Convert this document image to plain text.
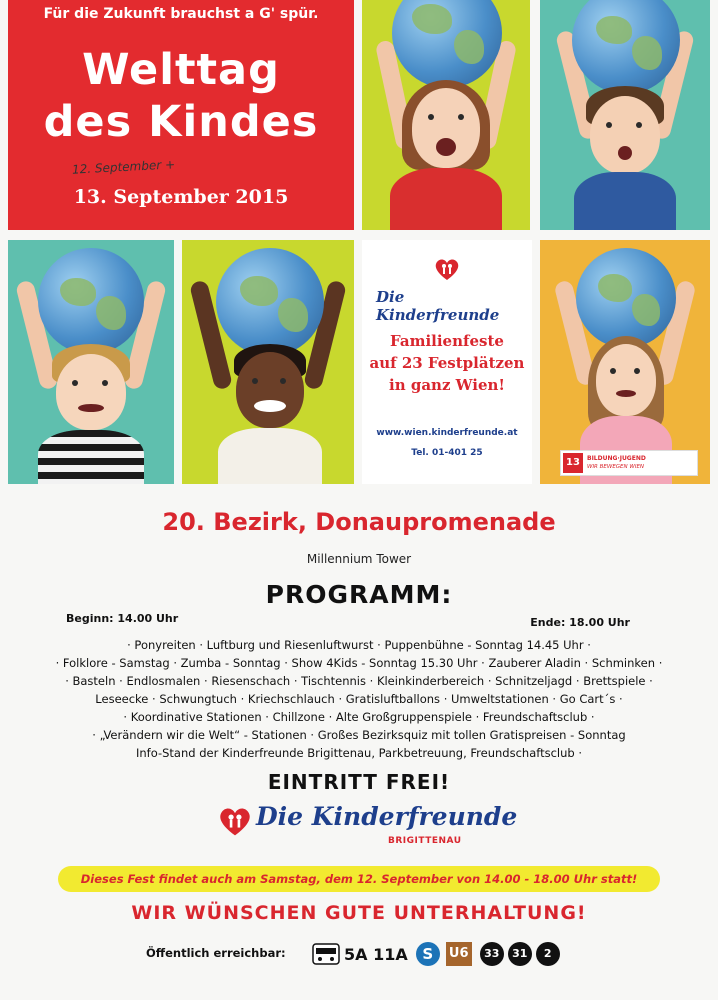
Für die Zukunft brauchst a G' spür.
Welttag
des Kindes
12. September +
13. September 2015
Die Kinderfreunde
Familienfeste
auf 23 Festplätzen
in ganz Wien!
www.wien.kinderfreunde.at
Tel. 01-401 25
13	BILDUNG·JUGEND
WIR BEWEGEN WIEN
20. Bezirk, Donaupromenade
Millennium Tower
PROGRAMM:
Beginn: 14.00 Uhr	Ende: 18.00 Uhr
· Ponyreiten · Luftburg und Riesenluftwurst · Puppenbühne - Sonntag 14.45 Uhr ·
· Folklore - Samstag · Zumba - Sonntag · Show 4Kids - Sonntag 15.30 Uhr · Zauberer Aladin · Schminken ·
· Basteln · Endlosmalen · Riesenschach · Tischtennis · Kleinkinderbereich · Schnitzeljagd · Brettspiele ·
Leseecke · Schwungtuch · Kriechschlauch · Gratisluftballons · Umweltstationen · Go Cart´s ·
· Koordinative Stationen · Chillzone · Alte Großgruppenspiele · Freundschaftsclub ·
· „Verändern wir die Welt“ - Stationen · Großes Bezirksquiz mit tollen Gratispreisen - Sonntag
Info-Stand der Kinderfreunde Brigittenau, Parkbetreuung, Freundschaftsclub ·
EINTRITT FREI!
Die Kinderfreunde
BRIGITTENAU
Dieses Fest findet auch am Samstag, dem 12. September von 14.00 - 18.00 Uhr statt!
WIR WÜNSCHEN GUTE UNTERHALTUNG!
Öffentlich erreichbar:	5A 11A S	U6	33	31	2
